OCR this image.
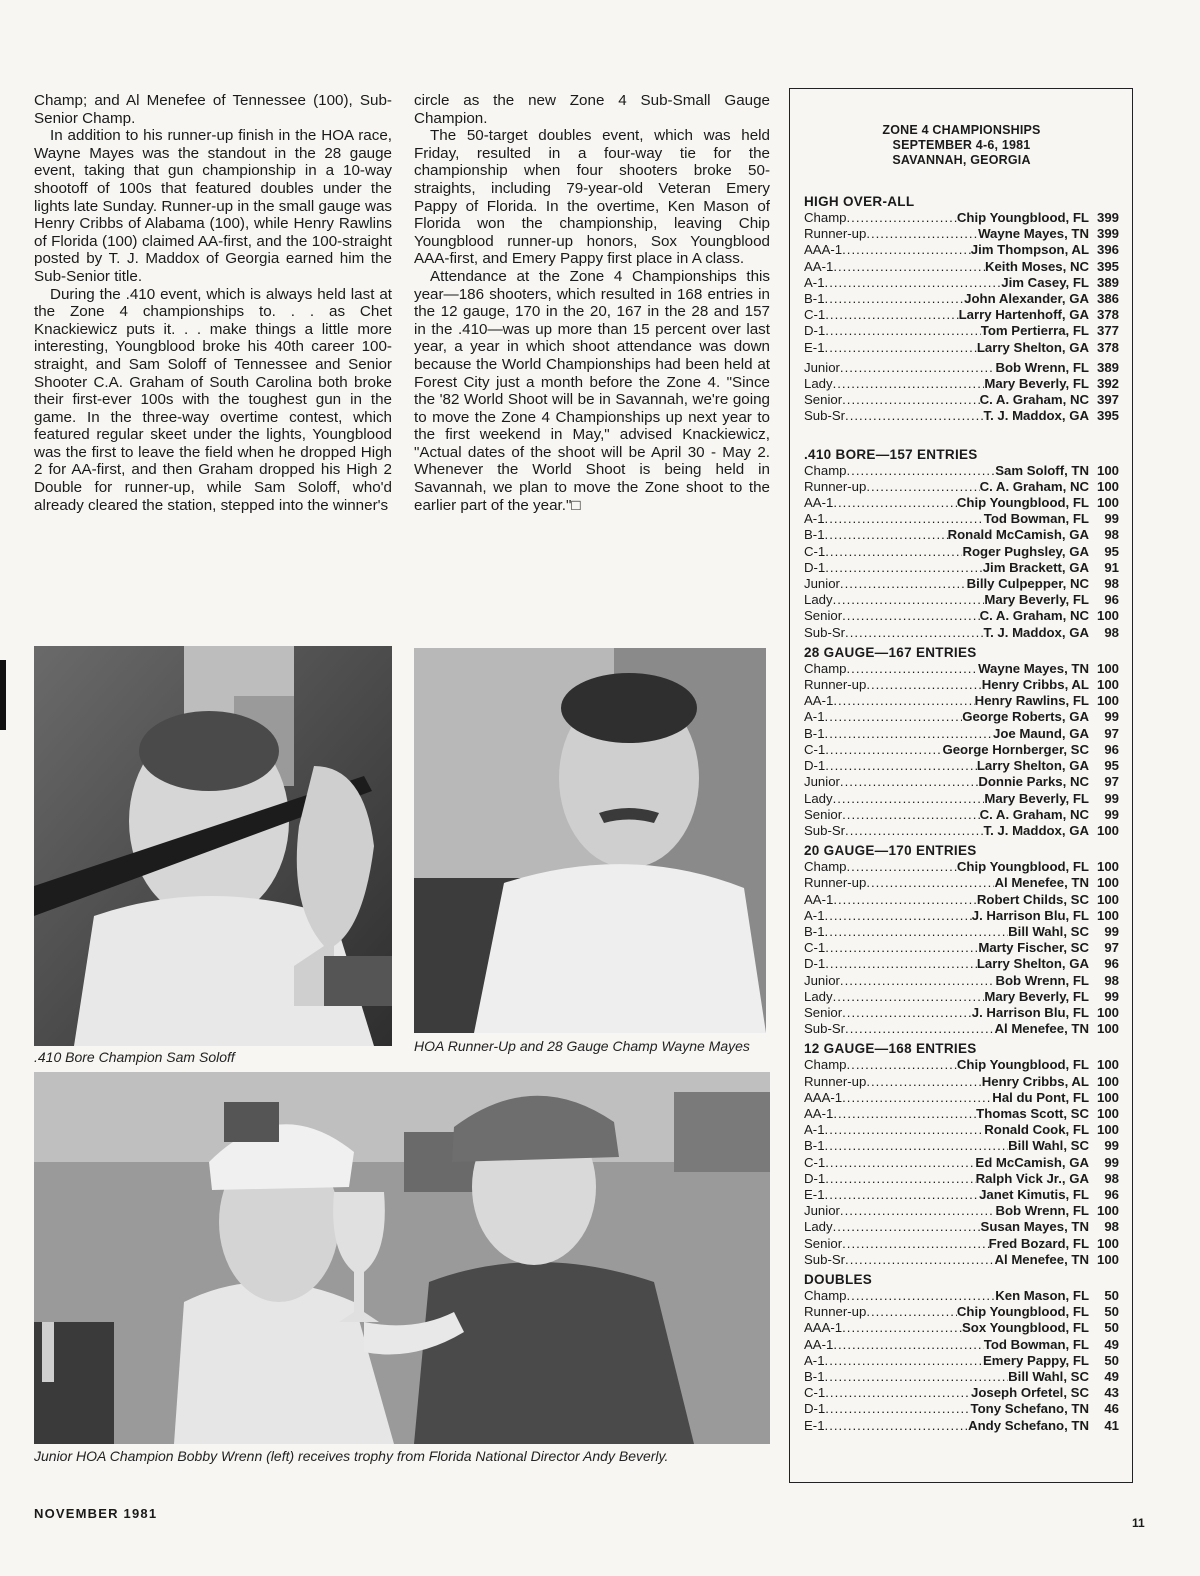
Champ; and Al Menefee of Tennessee (100), Sub-Senior Champ.

In addition to his runner-up finish in the HOA race, Wayne Mayes was the standout in the 28 gauge event, taking that gun championship in a 10-way shootoff of 100s that featured doubles under the lights late Sunday. Runner-up in the small gauge was Henry Cribbs of Alabama (100), while Henry Rawlins of Florida (100) claimed AA-first, and the 100-straight posted by T. J. Maddox of Georgia earned him the Sub-Senior title.

During the .410 event, which is always held last at the Zone 4 championships to. . . as Chet Knackiewicz puts it. . . make things a little more interesting, Youngblood broke his 40th career 100-straight, and Sam Soloff of Tennessee and Senior Shooter C.A. Graham of South Carolina both broke their first-ever 100s with the toughest gun in the game. In the three-way overtime contest, which featured regular skeet under the lights, Youngblood was the first to leave the field when he dropped High 2 for AA-first, and then Graham dropped his High 2 Double for runner-up, while Sam Soloff, who'd already cleared the station, stepped into the winner's

circle as the new Zone 4 Sub-Small Gauge Champion.

The 50-target doubles event, which was held Friday, resulted in a four-way tie for the championship when four shooters broke 50-straights, including 79-year-old Veteran Emery Pappy of Florida. In the overtime, Ken Mason of Florida won the championship, leaving Chip Youngblood runner-up honors, Sox Youngblood AAA-first, and Emery Pappy first place in A class.

Attendance at the Zone 4 Championships this year—186 shooters, which resulted in 168 entries in the 12 gauge, 170 in the 20, 167 in the 28 and 157 in the .410—was up more than 15 percent over last year, a year in which shoot attendance was down because the World Championships had been held at Forest City just a month before the Zone 4. "Since the '82 World Shoot will be in Savannah, we're going to move the Zone 4 Championships up next year to the first weekend in May," advised Knackiewicz, "Actual dates of the shoot will be April 30 - May 2. Whenever the World Shoot is being held in Savannah, we plan to move the Zone shoot to the earlier part of the year."□

.410 Bore Champion Sam Soloff
HOA Runner-Up and 28 Gauge Champ Wayne Mayes
Junior HOA Champion Bobby Wrenn (left) receives trophy from Florida National Director Andy Beverly.
ZONE 4 CHAMPIONSHIPS
SEPTEMBER 4-6, 1981
SAVANNAH, GEORGIA
HIGH OVER-ALL
Champ .....	Chip Youngblood, FL 399
Runner-up .....	Wayne Mayes, TN 399
AAA-1 .....	Jim Thompson, AL 396
AA-1 .....	Keith Moses, NC 395
A-1 .....	Jim Casey, FL 389
B-1 .....	John Alexander, GA 386
C-1 .....	Larry Hartenhoff, GA 378
D-1 .....	Tom Pertierra, FL 377
E-1 .....	Larry Shelton, GA 378
Junior .....	Bob Wrenn, FL 389
Lady .....	Mary Beverly, FL 392
Senior .....	C. A. Graham, NC 397
Sub-Sr .....	T. J. Maddox, GA 395
.410 BORE—157 ENTRIES
Champ .....	Sam Soloff, TN 100
Runner-up .....	C. A. Graham, NC 100
AA-1 .....	Chip Youngblood, FL 100
A-1 .....	Tod Bowman, FL	99
B-1 .....	Ronald McCamish, GA	98
C-1 .....	Roger Pughsley, GA	95
D-1 .....	Jim Brackett, GA	91
Junior .....	Billy Culpepper, NC	98
Lady .....	Mary Beverly, FL	96
Senior .....	C. A. Graham, NC 100
Sub-Sr .....	T. J. Maddox, GA	98
28 GAUGE—167 ENTRIES
Champ .....	Wayne Mayes, TN 100
Runner-up .....	Henry Cribbs, AL 100
AA-1 .....	Henry Rawlins, FL 100
A-1 .....	George Roberts, GA	99
B-1 .....	Joe Maund, GA	97
C-1 .....	George Hornberger, SC	96
D-1 .....	Larry Shelton, GA	95
Junior .....	Donnie Parks, NC	97
Lady .....	Mary Beverly, FL	99
Senior .....	C. A. Graham, NC	99
Sub-Sr .....	T. J. Maddox, GA 100
20 GAUGE—170 ENTRIES
Champ .....	Chip Youngblood, FL 100
Runner-up .....	Al Menefee, TN 100
AA-1 .....	Robert Childs, SC 100
A-1 .....	J. Harrison Blu, FL 100
B-1 .....	Bill Wahl, SC	99
C-1 .....	Marty Fischer, SC	97
D-1 .....	Larry Shelton, GA	96
Junior .....	Bob Wrenn, FL	98
Lady .....	Mary Beverly, FL	99
Senior .....	J. Harrison Blu, FL 100
Sub-Sr .....	Al Menefee, TN 100
12 GAUGE—168 ENTRIES
Champ .....	Chip Youngblood, FL 100
Runner-up .....	Henry Cribbs, AL 100
AAA-1 .....	Hal du Pont, FL 100
AA-1 .....	Thomas Scott, SC 100
A-1 .....	Ronald Cook, FL 100
B-1 .....	Bill Wahl, SC	99
C-1 .....	Ed McCamish, GA	99
D-1 .....	Ralph Vick Jr., GA	98
E-1 .....	Janet Kimutis, FL	96
Junior .....	Bob Wrenn, FL 100
Lady .....	Susan Mayes, TN	98
Senior .....	Fred Bozard, FL 100
Sub-Sr .....	Al Menefee, TN 100
DOUBLES
Champ .....	Ken Mason, FL	50
Runner-up .....	Chip Youngblood, FL	50
AAA-1 .....	Sox Youngblood, FL	50
AA-1 .....	Tod Bowman, FL	49
A-1 .....	Emery Pappy, FL	50
B-1 .....	Bill Wahl, SC	49
C-1 .....	Joseph Orfetel, SC	43
D-1 .....	Tony Schefano, TN	46
E-1 .....	Andy Schefano, TN	41
NOVEMBER 1981
11
